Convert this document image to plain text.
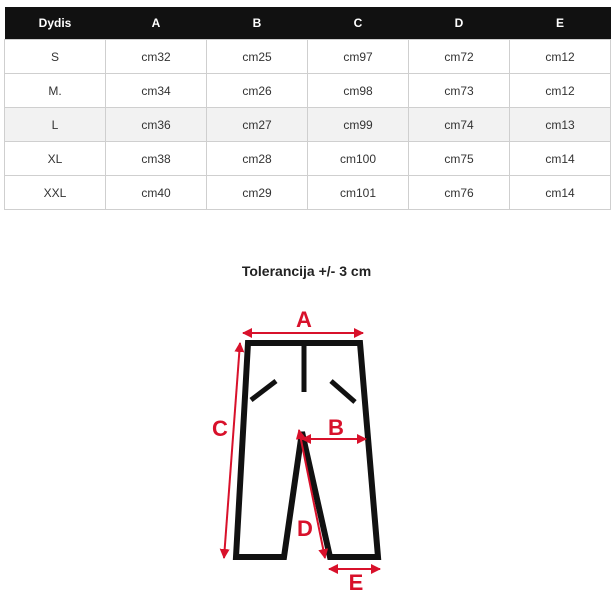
Dydis	A	B	C	D	E
S	cm32	cm25	cm97	cm72	cm12
M.	cm34	cm26	cm98	cm73	cm12
L	cm36	cm27	cm99	cm74	cm13
XL	cm38	cm28	cm100	cm75	cm14
XXL	cm40	cm29	cm101	cm76	cm14
Tolerancija +/- 3 cm
A
B
C
D
E
